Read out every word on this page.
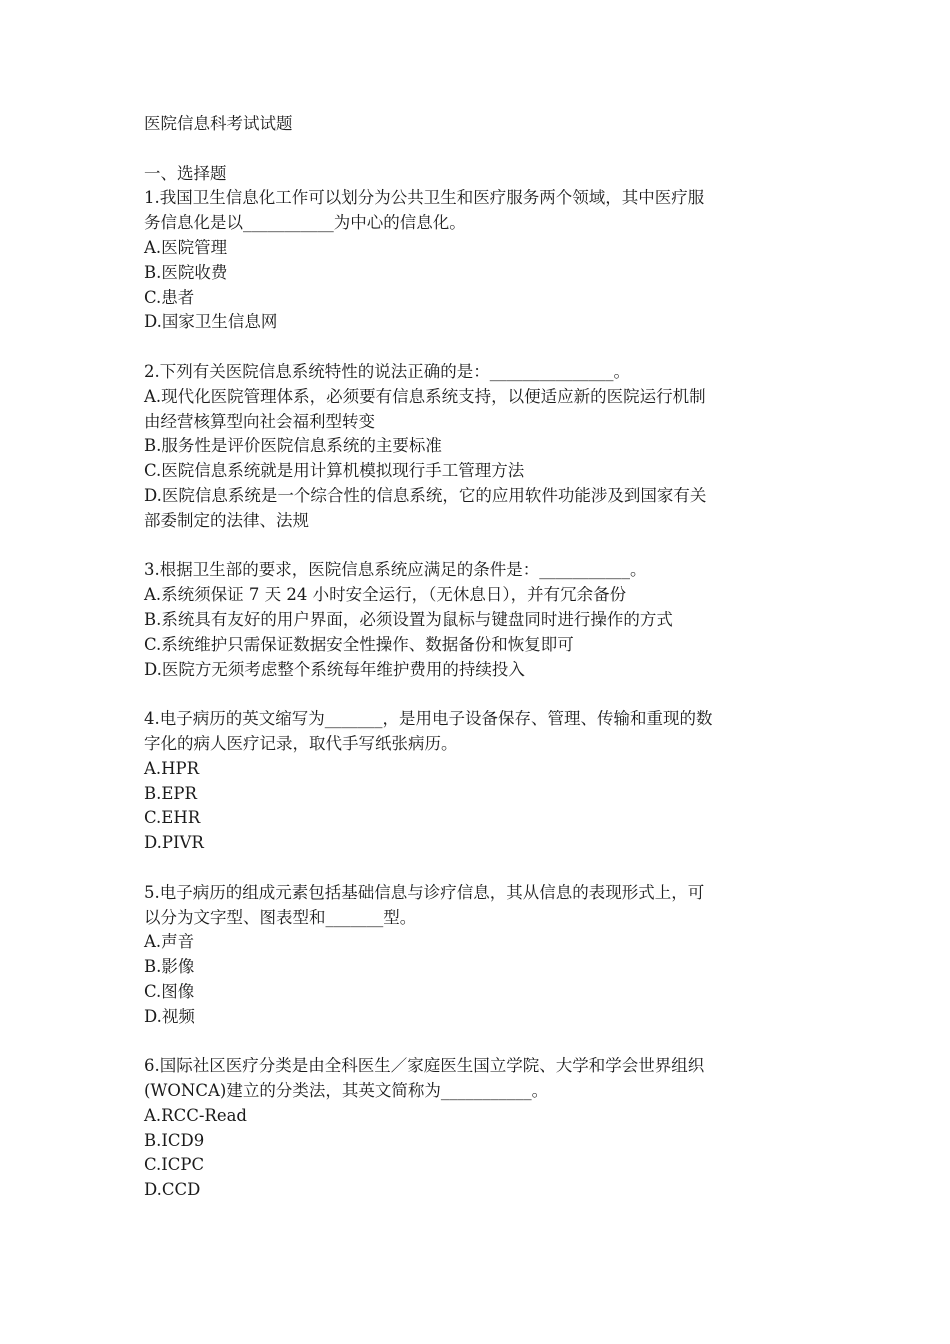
医院信息科考试试题
一、选择题
1.我国卫生信息化工作可以划分为公共卫生和医疗服务两个领域，其中医疗服
务信息化是以___________为中心的信息化。
A.医院管理
B.医院收费
C.患者
D.国家卫生信息网
2.下列有关医院信息系统特性的说法正确的是：_______________。
A.现代化医院管理体系，必须要有信息系统支持，以便适应新的医院运行机制
由经营核算型向社会福利型转变
B.服务性是评价医院信息系统的主要标准
C.医院信息系统就是用计算机模拟现行手工管理方法
D.医院信息系统是一个综合性的信息系统，它的应用软件功能涉及到国家有关
部委制定的法律、法规
3.根据卫生部的要求，医院信息系统应满足的条件是：___________。
A.系统须保证 7 天 24 小时安全运行，（无休息日），并有冗余备份
B.系统具有友好的用户界面，必须设置为鼠标与键盘同时进行操作的方式
C.系统维护只需保证数据安全性操作、数据备份和恢复即可
D.医院方无须考虑整个系统每年维护费用的持续投入
4.电子病历的英文缩写为_______，是用电子设备保存、管理、传输和重现的数
字化的病人医疗记录，取代手写纸张病历。
A.HPR
B.EPR
C.EHR
D.PIVR
5.电子病历的组成元素包括基础信息与诊疗信息，其从信息的表现形式上，可
以分为文字型、图表型和_______型。
A.声音
B.影像
C.图像
D.视频
6.国际社区医疗分类是由全科医生／家庭医生国立学院、大学和学会世界组织
(WONCA)建立的分类法，其英文简称为___________。
A.RCC-Read
B.ICD9
C.ICPC
D.CCD
